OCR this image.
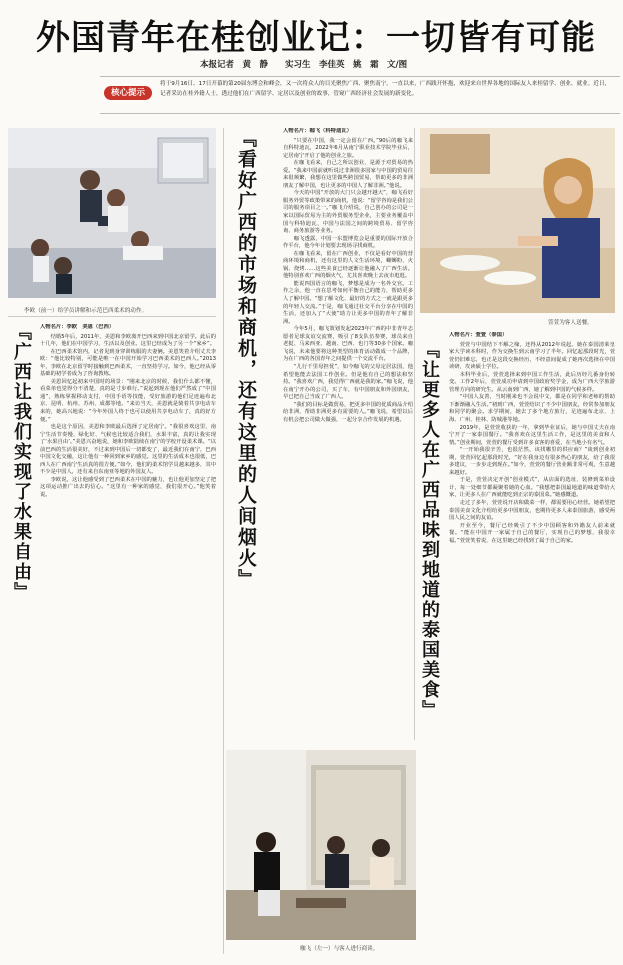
外国青年在桂创业记：一切皆有可能
本报记者　黄　静　　实习生　李佳英　姚　霜　文/图
核心提示
将于9月16日、17日开幕的第20届东博会和峰会，又一次将众人的目光聚焦广西、聚焦南宁。一直以来，广西践开怀抱，欢迎来自世界各地的国际友人来桂留学、创业、就业。近日，记者采访在桂外籍人士，透过他们在广西留学、定居以及创业的故事，管窥广西经济社会发展的新变化。
李欧（前一）给学员讲解和示范巴西柔术的动作。
『广西让我们实现了水果自由』	人物名片：李欧　美恩（巴西）

结婚5年后，2011年，美恩和李欧离开巴西来到中国北京留学。此后的十几年，他们在中国学习、生活以及创业。这里已经成为了另一个“家乡”。

在巴西柔术馆内，记者见到身穿训练服的夫妻俩。美恩笑着介绍丈夫李欧：“他比较特别，可能是唯一在中国开始学习巴西柔术的巴西人。”2013年，李欧在北京留学时接触到巴西柔术，一直坚持学习。如今，他已经从零基础的初学者成为了咨询教练。

美恩回忆起初来中国时的场景：“刚来北京的时候，我们什么都不懂，看菜单也觉得分不清楚，真的是寸步难行。”说起到现在他们严然成了“中国通”，熟练掌握移动支付，中国手语等技能，受好旅游的他们足迹遍布北京、昆明、杭州、苏州、成都等地。“来访当天，美恩就是骑着共享电动车来的，她高兴地说：“今年外国人终于也可以使用共享电动车了，真的好方便。”

也是这个原因，美恩和李欧最后选择了定居南宁。“我很喜欢这里，南宁生活节奏慢、绿化好、气候也比较适合我们，水果丰富，真的让我实现了‘水果自由’。”美恩兴奋地说，她和李欧陆续在南宁的学校开设柔术课。“以前巴西的生活很美好，不过来到中国后一切都变了，最近我们在南宁，巴西中国文化交融，这让他有一种回到家乡的感觉。这里的生活成本也很低，巴西人在广西南宁生活真的很方便。”如今，他们的柔术馆学员越来越多，其中不少是中国人，还有来自东南亚等地的外国友人。

李欧说，这让他感受到了巴西柔术在中国的魅力，也让他更加坚定了把这项运动推广出去的信心。“这里有一种家的感觉，我们很开心。”他笑着说。	『看好广西的市场和商机，还有这里的人间烟火』	人物名片：咖飞（科特迪瓦）

“只要在中国，我一定会留在广西。”90后的咖飞来自科特迪瓦，2022年6月从南宁职业技术学院毕业后，定居南宁开启了他的创业之旅。

在咖飞看来，自己之所以创业，是源于对贸易的热爱。“我来中国前就听说过非洲很多国家与中国的贸易往来很频繁，我想在这里做些跨国贸易，帮助更多的非洲朋友了解中国，也让更多的中国人了解非洲。”他说。

今天的中国“开放的大门只会越开越大”，咖飞看好服务外贸等政策带来的商机，他说：“留学咨询是我们公司的服务项目之一。”咖飞介绍说，自己创办的公司是一家以国际贸易为主的外贸服务型企业，主要业务覆盖中国与科特迪瓦、中国与法国之间的跨境贸易、留学咨询、商务旅游等业务。

咖飞透露，中国一东盟博览会是重要的国际开放合作平台，他今年计划要去现场寻找商机。

在咖飞看来，留在广西创业，不仅是看好中国的营商环境和商机，还有这里的人文生活环境，螺蛳粉、火锅、烧烤……这些美食已经逐渐让他融入了广西生活。他特别喜欢广西的烟火气，尤其喜欢晚上去夜市逛逛。

能说四国语言的咖飞，梦想是成为一名外交官。工作之余，他一直在思考如何平衡自己的能力，帮助更多人了解中国。“想了解文化、最好的方式之一就是跟更多的年轻人交流。”于是，咖飞通过社交平台分享在中国的生活，还加入了“大使”助力让更多中国的青年了解非洲。

今年5月，咖飞策划发起2023年广西的中非青年志愿者足球友谊交流赛，吸引了8支队伍参赛，球员来自老挝、马来西亚、越南、巴西、也门等30多个国家。咖飞说，未来他要将这种类型的体育活动做成一个品牌，为在广西的各国青年之间提供一个交流平台。

“儿行千里母担忧”，如今咖飞的父母定居法国，他希望他能去法国工作创业。但是他有自己的想法和坚持。“我喜欢广西，我觉得广西就是我的家。”咖飞说，他在南宁开办的公司，买了车，有中国朋友和外国朋友，早已把自己当成了广西人。

“我们的目标是做贸易，把更多中国的优质商品介绍给非洲，帮助非洲更多有需要的人。”咖飞说，希望以后有机会把公司做大做强，一起分享合作发展的机遇。

咖飞（左一）与客人进行商谈。
萱萱为客人送餐。
『让更多人在广西品味到地道的泰国美食』

人物名片：萱萱（泰国）

萱萱与中国结下不解之缘，还得从2012年说起。她在泰国清莱皇家大学读本科时，作为交换生到云南学习了半年。回忆起那段时光，萱萱仍旧难忘，也正是这段交换经历，不经意间促成了她再次选择在中国读研，攻读硕士学位。

本科毕业后，萱萱选择来到中国工作生活，此后历经几番身份转变。工作2年后，萱萱成功申请到中国政府奖学金，成为广西大学旅游管理方向的研究生。从云南到广西，她了解到中国的气候多样。

“中国人友善，当时刚来也不会说中文，都是在同学和老师的帮助下渐渐融入生活。”初到广西，萱萱结识了不少中国朋友，经常参加朋友和同学的聚会。求学期间，她去了多个地方旅行，足迹遍布北京、上海、广州、桂林、防城港等地。

2019年，是萱萱收获的一年，拿到毕业证后，她与中国丈夫在南宁开了一家泰国餐厅。“我喜欢在这里生活工作，是这里的美食和人情。”创业期间，萱萱的餐厅受到许多食客的喜爱，在当地小有名气。

“一开始我很辛苦，也很茫然，该找哪里的供应商？”谈到创业初期，萱萱回忆起那段时光，“好在我身边有很多热心的朋友，给了我很多建议，一步步走到现在。”如今，萱萱的餐厅营业额非常可观，生意越来越好。

于是，萱萱决定开创“创业模式”，从店面的选址、装修到菜单设计，每一处细节都凝聚着她的心血。“我想把泰国最地道的味道带给大家，让更多人在广西就能吃到正宗的泰国菜。”她感慨道。

走过了多年，萱萱说开店和做菜一样，都需要用心经营。她希望把泰国美食文化介绍给更多中国朋友，也期待更多人来泰国旅游，感受两国人民之间的友谊。

开业至今，餐厅已经吸引了不少中国顾客和外籍友人前来就餐。“能在中国开一家属于自己的餐厅，实现自己的梦想，我很幸福。”萱萱笑着说，在这里她已经找到了属于自己的家。
